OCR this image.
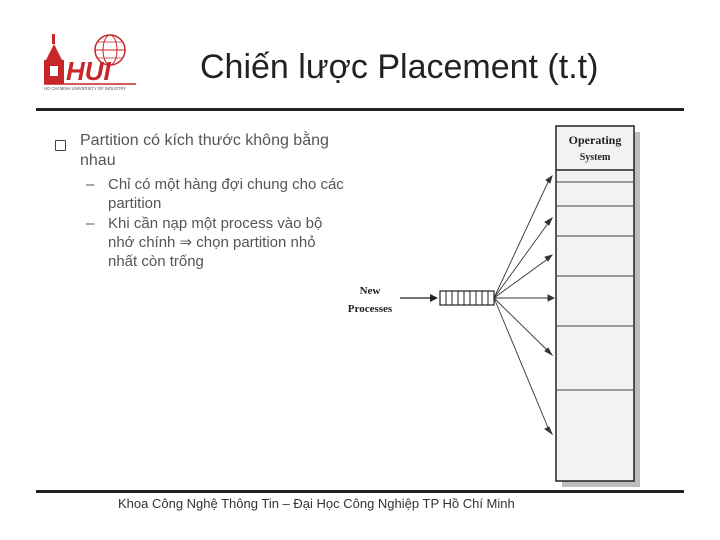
HUI
HO CHI MINH UNIVERSITY OF INDUSTRY
Chiến lược Placement (t.t)
Partition có kích thước không bằng nhau
– Chỉ có một hàng đợi chung cho các partition
– Khi cần nạp một process vào bộ nhớ chính ⇒ chọn partition nhỏ nhất còn trống
New
Processes
Operating
System
Khoa Công Nghệ Thông Tin – Đại Học Công Nghiệp TP Hồ Chí Minh
